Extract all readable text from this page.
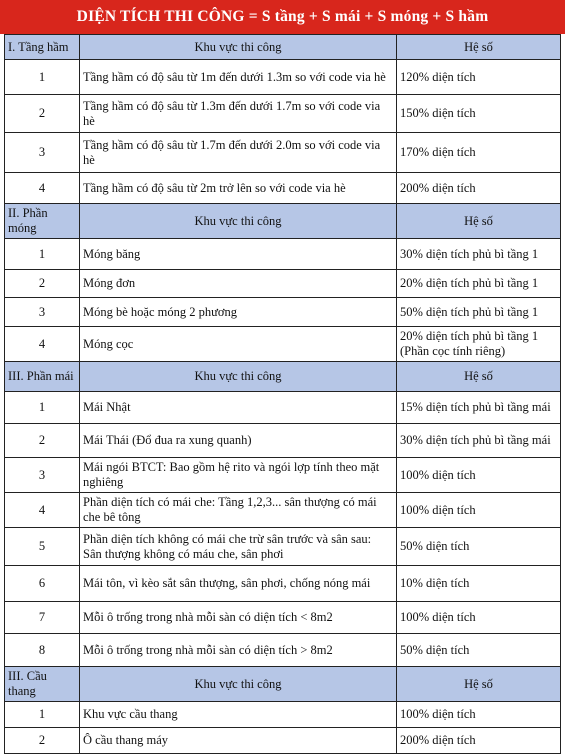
DIỆN TÍCH THI CÔNG = S tầng + S mái + S móng + S hầm
I. Tầng hầm	Khu vực thi công	Hệ số
1	Tầng hầm có độ sâu từ 1m đến dưới 1.3m so với code via hè	120% diện tích
2	Tầng hầm có độ sâu từ 1.3m đến dưới 1.7m so với code via hè	150% diện tích
3	Tầng hầm có độ sâu từ 1.7m đến dưới 2.0m so với code via hè	170% diện tích
4	Tầng hầm có độ sâu từ 2m trở lên so với code via hè	200% diện tích
II. Phần móng	Khu vực thi công	Hệ số
1	Móng băng	30% diện tích phủ bì tầng 1
2	Móng đơn	20% diện tích phủ bì tầng 1
3	Móng bè hoặc móng 2 phương	50% diện tích phủ bì tầng 1
4	Móng cọc	20% diện tích phủ bì tầng 1 (Phần cọc tính riêng)
III. Phần mái	Khu vực thi công	Hệ số
1	Mái Nhật	15% diện tích phủ bì tầng mái
2	Mái Thái (Đổ đua ra xung quanh)	30% diện tích phủ bì tầng mái
3	Mái ngói BTCT: Bao gồm hệ rito và ngói lợp tính theo mặt nghiêng	100% diện tích
4	Phần diện tích có mái che: Tầng 1,2,3... sân thượng có mái che bê tông	100% diện tích
5	Phần diện tích không có mái che trừ sân trước và sân sau: Sân thượng không có máu che, sân phơi	50% diện tích
6	Mái tôn, vì kèo sắt sân thượng, sân phơi, chống nóng mái	10% diện tích
7	Mỗi ô trống trong nhà mỗi sàn có diện tích < 8m2	100% diện tích
8	Mỗi ô trống trong nhà mỗi sàn có diện tích > 8m2	50% diện tích
III. Cầu thang	Khu vực thi công	Hệ số
1	Khu vực cầu thang	100% diện tích
2	Ô cầu thang máy	200% diện tích
